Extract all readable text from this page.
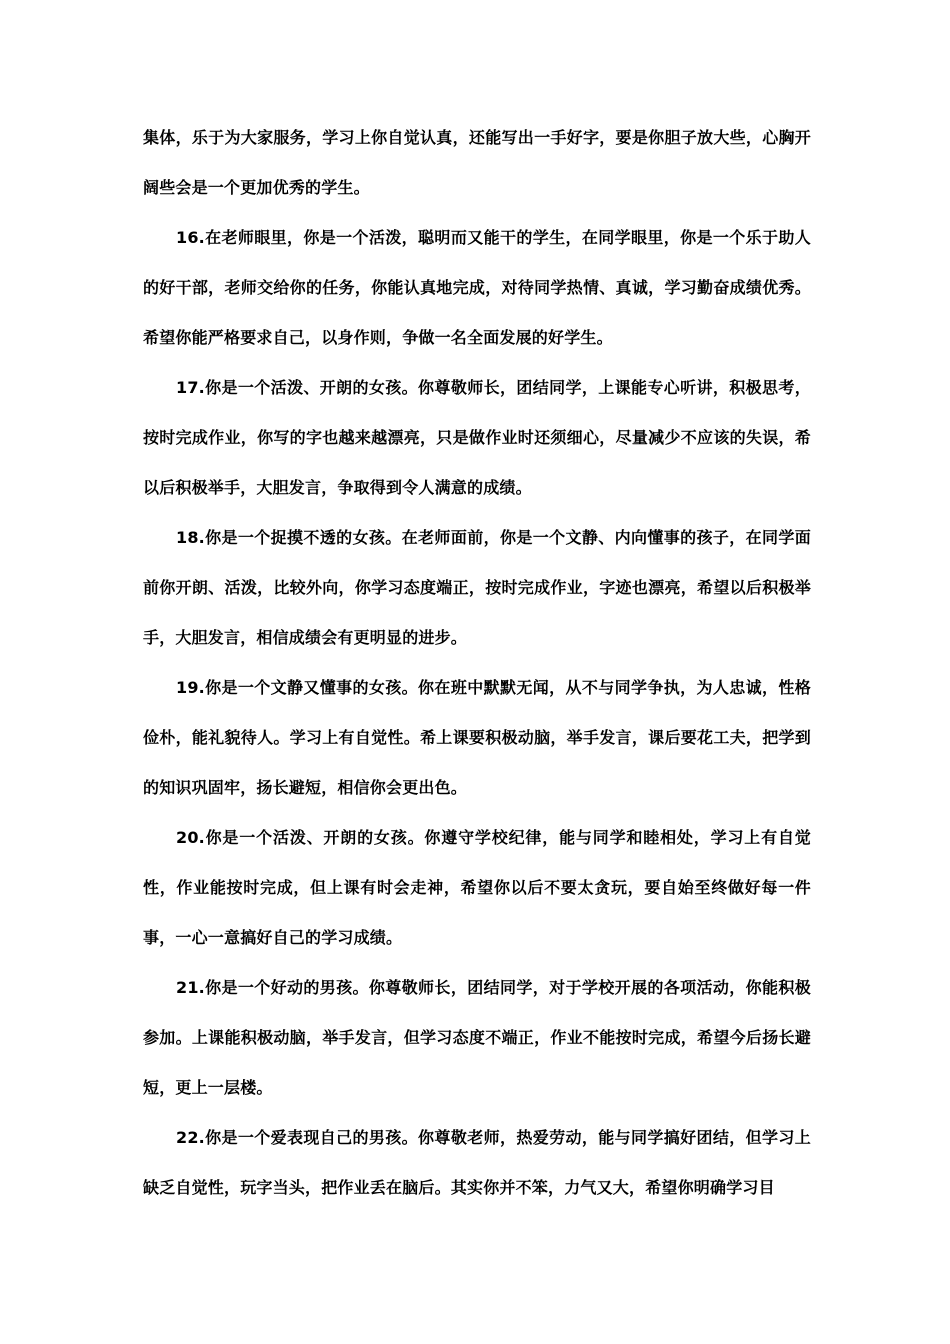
集体，乐于为大家服务，学习上你自觉认真，还能写出一手好字，要是你胆子放大些，心胸开阔些会是一个更加优秀的学生。

16.在老师眼里，你是一个活泼，聪明而又能干的学生，在同学眼里，你是一个乐于助人的好干部，老师交给你的任务，你能认真地完成，对待同学热情、真诚，学习勤奋成绩优秀。希望你能严格要求自己，以身作则，争做一名全面发展的好学生。

17.你是一个活泼、开朗的女孩。你尊敬师长，团结同学，上课能专心听讲，积极思考，按时完成作业，你写的字也越来越漂亮，只是做作业时还须细心，尽量减少不应该的失误，希以后积极举手，大胆发言，争取得到令人满意的成绩。

18.你是一个捉摸不透的女孩。在老师面前，你是一个文静、内向懂事的孩子，在同学面前你开朗、活泼，比较外向，你学习态度端正，按时完成作业，字迹也漂亮，希望以后积极举手，大胆发言，相信成绩会有更明显的进步。

19.你是一个文静又懂事的女孩。你在班中默默无闻，从不与同学争执，为人忠诚，性格俭朴，能礼貌待人。学习上有自觉性。希上课要积极动脑，举手发言，课后要花工夫，把学到的知识巩固牢，扬长避短，相信你会更出色。

20.你是一个活泼、开朗的女孩。你遵守学校纪律，能与同学和睦相处，学习上有自觉性，作业能按时完成，但上课有时会走神，希望你以后不要太贪玩，要自始至终做好每一件事，一心一意搞好自己的学习成绩。

21.你是一个好动的男孩。你尊敬师长，团结同学，对于学校开展的各项活动，你能积极参加。上课能积极动脑，举手发言，但学习态度不端正，作业不能按时完成，希望今后扬长避短，更上一层楼。

22.你是一个爱表现自己的男孩。你尊敬老师，热爱劳动，能与同学搞好团结，但学习上缺乏自觉性，玩字当头，把作业丢在脑后。其实你并不笨，力气又大，希望你明确学习目
